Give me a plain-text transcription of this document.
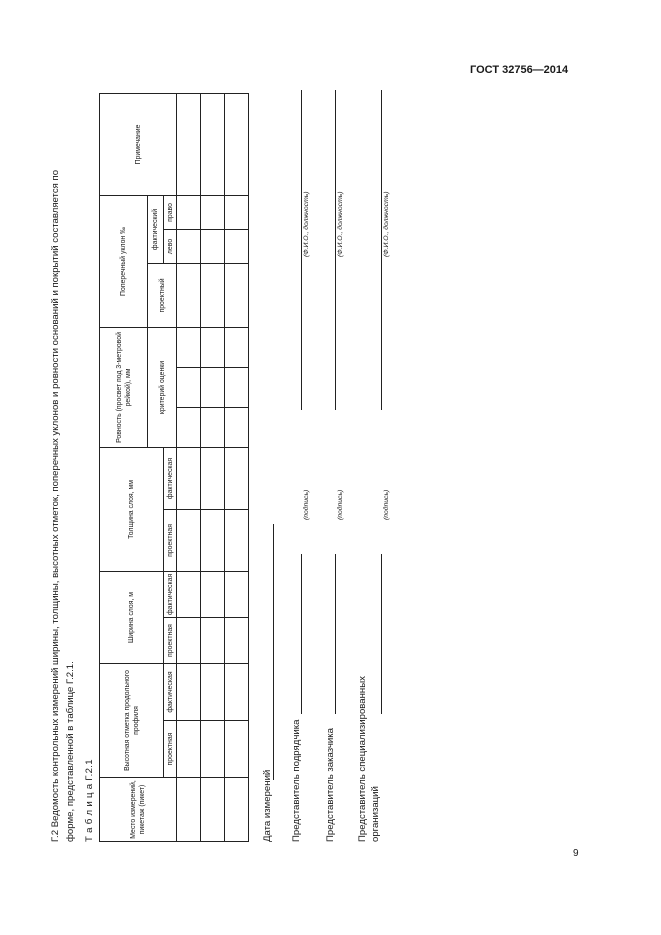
ГОСТ 32756—2014
Г.2 Ведомость контрольных измерений ширины, толщины, высотных отметок, поперечных уклонов и ровности оснований и покрытий составляется по форме, представленной в таблице Г.2.1. Т а б л и ц а Г.2.1	Место измерений, пикетаж (пикет)	Высотная отметка продольного профиля		Ширина слоя, м		Толщина слоя, мм		Ровность (просвет под 3-метровой рейкой), мм			Поперечный уклон ‰			Примечание
							критерий оценки			проектный	фактический		
	проектная	фактическая	проектная	фактическая	проектная	фактическая					лево	право	

Дата измерений Представитель подрядчика
(подпись)
(Ф.И.О., должность)
Представитель заказчика
(подпись)
(Ф.И.О., должность)
Представитель специализированных организаций
(подпись)
(Ф.И.О., должность)
9
